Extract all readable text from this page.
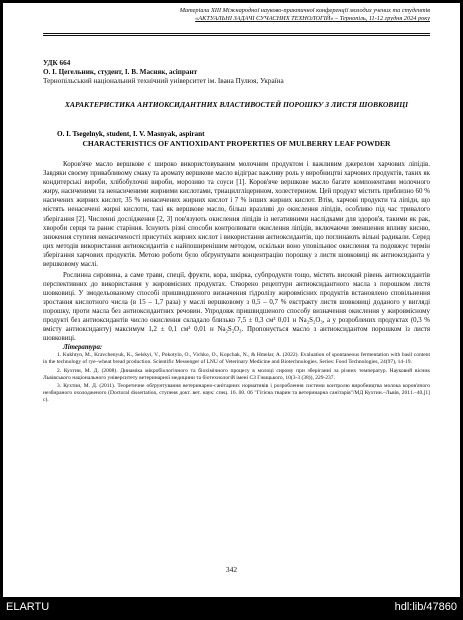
Матеріали XIII Міжнародної науково-практичної конференції молодих учених та студентів
«АКТУАЛЬНІ ЗАДАЧІ СУЧАСНИХ ТЕХНОЛОГІЙ» – Тернопіль, 11-12 грудня 2024 року
УДК 664
О. І. Цегельник, студент, І. В. Масняк, асіпрант
Тернопільський національний технічний університет ім. Івана Пулюя, Україна
ХАРАКТЕРИСТИКА АНТИОКСИДАНТНИХ ВЛАСТИВОСТЕЙ ПОРОШКУ З ЛИСТЯ ШОВКОВИЦІ
O. I. Tsegelnyk, student, I. V. Masnyak, aspirant
CHARACTERISTICS OF ANTIOXIDANT PROPERTIES OF MULBERRY LEAF POWDER

Коров'яче масло вершкове є широко використовуваним молочним продуктом і важливим джерелом харчових ліпідів. Завдяки своєму привабливому смаку та аромату вершкове масло відіграє важливу роль у виробництві харчових продуктів, таких як кондитерські вироби, хлібобулочні вироби, морозиво та соуси [1]. Коров'яче вершкове масло багате компонентами молочного жиру, насиченими та ненасиченими жирними кислотами, триацилгліцерином, холестерином. Цей продукт містить приблизно 60 % насичених жирних кислот, 35 % ненасичених жирних кислот і 7 % інших жирних кислот. Втім, харчові продукти та ліпіди, що містять ненасичені жирні кислоти, такі як вершкове масло, більш вразливі до окислення ліпідів, особливо під час тривалого зберігання [2]. Численні дослідження [2, 3] пов'язують окислення ліпідів із негативними наслідками для здоров'я, такими як рак, хвороби серця та раннє старіння. Існують різні способи контролювати окислення ліпідів, включаючи зменшення впливу кисню, зниження ступеня ненасиченості присутніх жирних кислот і використання антиоксидантів, що поглинають вільні радикали. Серед цих методів використання антиоксидантів є найпоширенішим методом, оскільки воно уповільнює окислення та подовжує термін зберігання харчових продуктів. Метою роботи було обґрунтувати концентрацію порошку з листя шовковиці як антиоксиданта у вершковому маслі.

Рослинна сировина, а саме трави, спеції, фрукти, кора, шкірка, субпродукти тощо, містять високий рівень антиоксидантів перспективних до використання у жировмісних продуктах. Створено рецептури антиоксидантного масла з порошком листя шовковиці. У змодельованому способі пришвидшеного визначення гідролізу жировмісних продуктів встановлено сповільнення зростання кислотного числа (в 15 – 1,7 раза) у маслі вершковому з 0,5 – 0,7 % екстракту листя шовковиці доданого у вигляді порошку, проти масла без антиоксидантних речовин. Упродовж пришвидшеного способу визначення окислення у жировмісному продукті без антиоксидантів число окислення складало близько 7,5 ± 0,3 см³ 0,01 н Na₂S₂O₃, а у розроблених продуктах (0,3 % вмісту антиоксиданту) максимум 1,2 ± 0,1 см³ 0,01 н Na₂S₂O₃. Пропонується масло з антиоксидантом порошком із листя шовковиці.

Література:

1. Kukhtyn, M., Kravchenyuk, K., Selskyi, V., Pokotylo, O., Vichko, O., Kopchak, N., & Hmelar, A. (2022). Evaluation of spontaneous fermentation with basil content in the technology of rye–wheat bread production. Scientific Messenger of LNU of Veterinary Medicine and Biotechnologies. Series: Food Technologies, 24(97), 14-19.

2. Кухтин, М. Д. (2008). Динаміка мікробіологічного та біохімічного процесу в молоці сирому при зберіганні за різних температур. Науковий вісник Львівського національного університету ветеринарної медицини та біотехнологій імені СЗ Гжицького, 10(3-3 (38)), 229-237.

3. Кухтин, М. Д. (2011). Теоретичне обґрунтування ветеринарно-санітарних нормативів і розроблення системи контролю виробництва молока коров'ячого незбираного охолодженого (Doctoral dissertation, ступеня докт. вет. наук: спец. 16. 00. 06 "Гігієна тварин та ветеринарна санітарія"/МД Кухтин.–Львів, 2011.–40,[1] с).

342
ELARTU	hdl:lib/47860
